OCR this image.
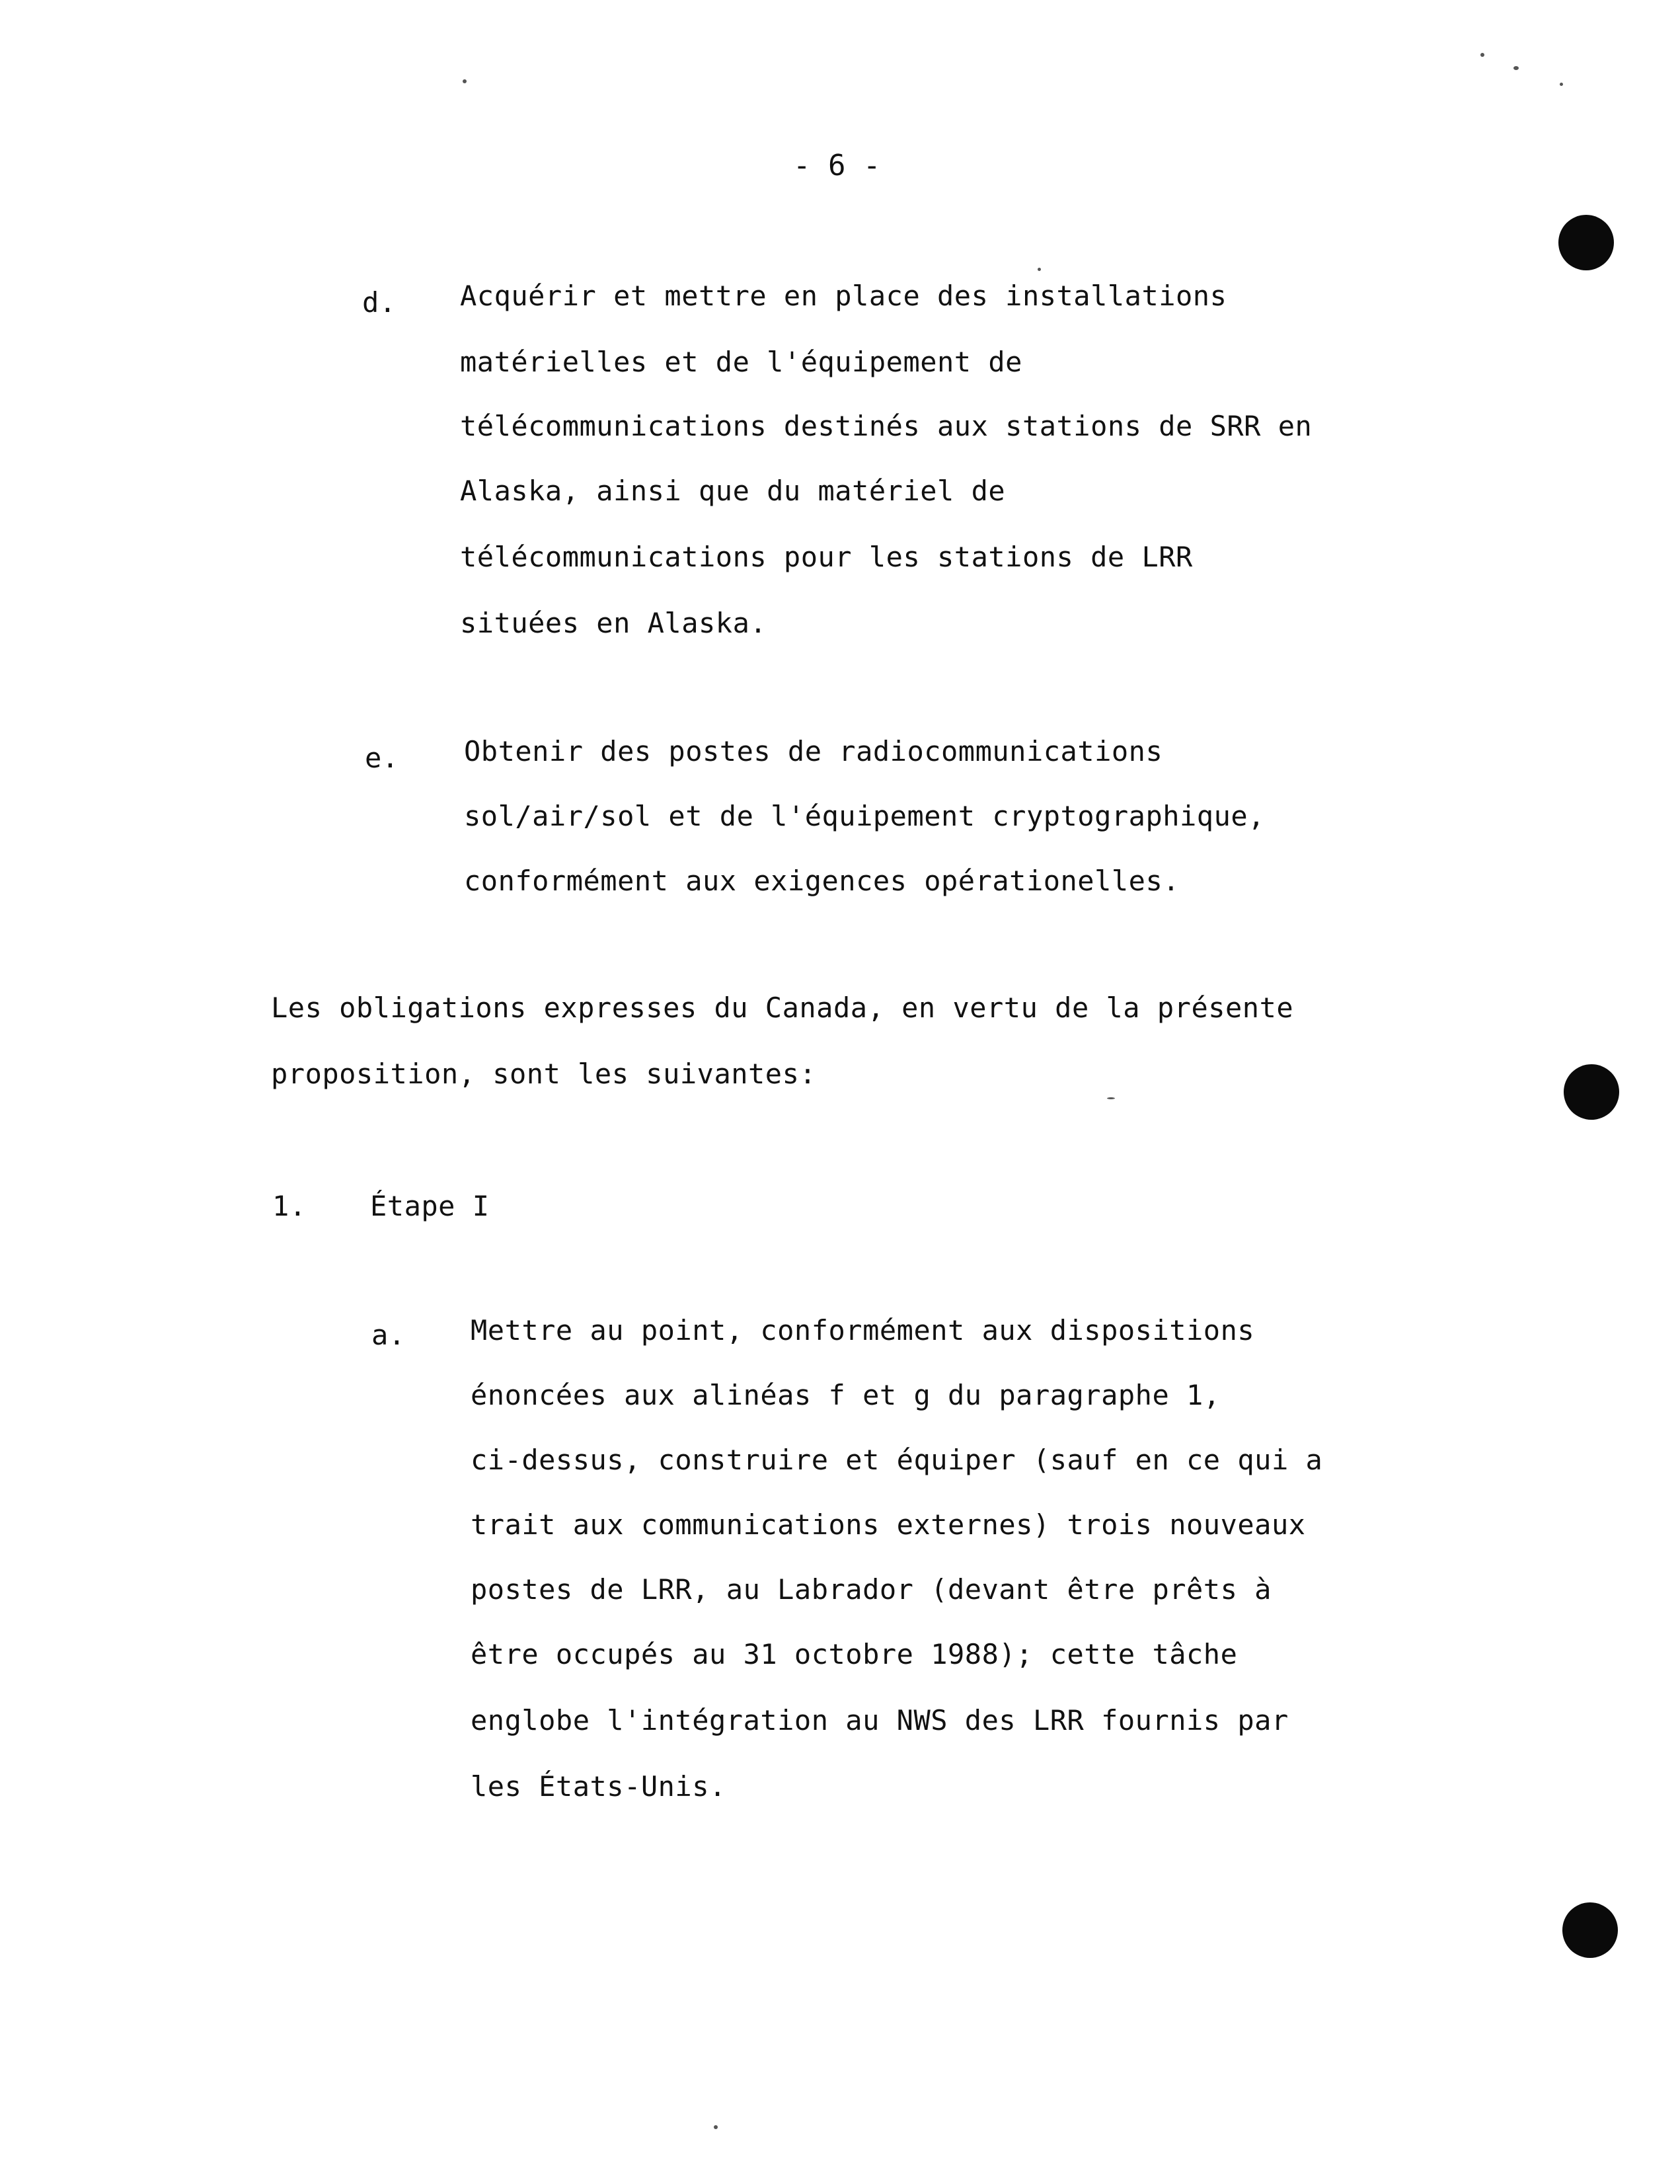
- 6 -
d. Acquérir et mettre en place des installations
matérielles et de l'équipement de
télécommunications destinés aux stations de SRR en
Alaska, ainsi que du matériel de
télécommunications pour les stations de LRR
situées en Alaska.
e. Obtenir des postes de radiocommunications
sol/air/sol et de l'équipement cryptographique,
conformément aux exigences opérationelles.
Les obligations expresses du Canada, en vertu de la présente
proposition, sont les suivantes:
1. Étape I
a. Mettre au point, conformément aux dispositions
énoncées aux alinéas f et g du paragraphe 1,
ci-dessus, construire et équiper (sauf en ce qui a
trait aux communications externes) trois nouveaux
postes de LRR, au Labrador (devant être prêts à
être occupés au 31 octobre 1988); cette tâche
englobe l'intégration au NWS des LRR fournis par
les États-Unis.
